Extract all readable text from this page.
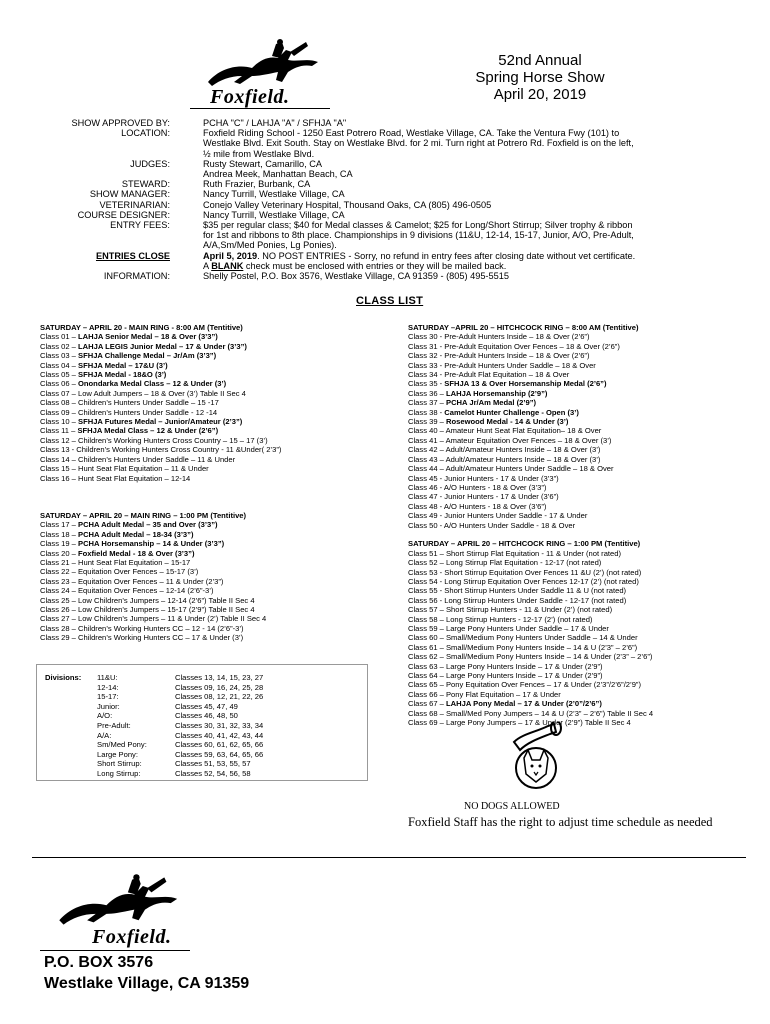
Foxfield.
52nd Annual
Spring Horse Show
April 20, 2019
SHOW APPROVED BY:	PCHA "C" / LAHJA "A" / SFHJA "A"
LOCATION:	Foxfield Riding School - 1250 East Potrero Road, Westlake Village, CA. Take the Ventura Fwy (101) to
Westlake Blvd. Exit South. Stay on Westlake Blvd. for 2 mi. Turn right at Potrero Rd. Foxfield is on the left,
½ mile from Westlake Blvd.
JUDGES:	Rusty Stewart, Camarillo, CA
Andrea Meek, Manhattan Beach, CA
STEWARD:	Ruth Frazier, Burbank, CA
SHOW MANAGER:	Nancy Turrill, Westlake Village, CA
VETERINARIAN:	Conejo Valley Veterinary Hospital, Thousand Oaks, CA (805) 496-0505
COURSE DESIGNER:	Nancy Turrill, Westlake Village, CA
ENTRY FEES:	$35 per regular class; $40 for Medal classes & Camelot; $25 for Long/Short Stirrup; Silver trophy & ribbon
for 1st and ribbons to 8th place. Championships in 9 divisions (11&U, 12-14, 15-17, Junior, A/O, Pre-Adult,
A/A,Sm/Med Ponies, Lg Ponies).
ENTRIES CLOSE	April 5, 2019. NO POST ENTRIES - Sorry, no refund in entry fees after closing date without vet certificate.
A BLANK check must be enclosed with entries or they will be mailed back.
INFORMATION:	Shelly Postel, P.O. Box 3576, Westlake Village, CA 91359 - (805) 495-5515
CLASS LIST
SATURDAY – APRIL 20 - MAIN RING - 8:00 AM (Tentitive)
Class 01 – LAHJA Senior Medal – 18 & Over (3’3”)
Class 02 – LAHJA LEGIS Junior Medal – 17 & Under (3’3”)
Class 03 – SFHJA Challenge Medal – Jr/Am (3’3”)
Class 04 – SFHJA Medal – 17&U (3’)
Class 05 – SFHJA Medal - 18&O (3’)
Class 06 – Onondarka Medal Class – 12 & Under (3’)
Class 07 – Low Adult Jumpers – 18 & Over (3’) Table II Sec 4
Class 08 – Children’s Hunters Under Saddle – 15 -17
Class 09 – Children’s Hunters Under Saddle - 12 -14
Class 10 – SFHJA Futures Medal – Junior/Amateur (2’3”)
Class 11 – SFHJA Medal Class – 12 & Under (2’6”)
Class 12 – Children’s Working Hunters Cross Country – 15 – 17 (3’)
Class 13 - Children’s Working Hunters Cross Country - 11 &Under( 2’3”)
Class 14 – Children’s Hunters Under Saddle – 11 & Under
Class 15 – Hunt Seat Flat Equitation – 11 & Under
Class 16 – Hunt Seat Flat Equitation – 12-14
SATURDAY – APRIL 20 – MAIN RING – 1:00 PM (Tentitive)
Class 17 – PCHA Adult Medal – 35 and Over (3’3”)
Class 18 – PCHA Adult Medal – 18-34 (3’3”)
Class 19 – PCHA Horsemanship – 14 & Under (3’3”)
Class 20 – Foxfield Medal - 18 & Over (3’3”)
Class 21 – Hunt Seat Flat Equitation – 15-17
Class 22 – Equitation Over Fences – 15-17 (3’)
Class 23 – Equitation Over Fences – 11 & Under (2’3”)
Class 24 – Equitation Over Fences – 12-14 (2’6”-3’)
Class 25 – Low Children’s Jumpers – 12-14 (2’6”) Table II Sec 4
Class 26 – Low Children’s Jumpers – 15-17 (2’9”) Table II Sec 4
Class 27 – Low Children’s Jumpers – 11 & Under (2’) Table II Sec 4
Class 28 – Children’s Working Hunters CC – 12 - 14 (2’6”-3’)
Class 29 – Children’s Working Hunters CC – 17 & Under (3’)
SATURDAY –APRIL 20 – HITCHCOCK RING – 8:00 AM (Tentitive)
Class 30 - Pre-Adult Hunters Inside – 18 & Over (2’6”)
Class 31 - Pre-Adult Equitation Over Fences – 18 & Over (2’6”)
Class 32 - Pre-Adult Hunters Inside – 18 & Over (2’6”)
Class 33 - Pre-Adult Hunters Under Saddle – 18 & Over
Class 34 - Pre-Adult Flat Equitation – 18 & Over
Class 35 - SFHJA 13 & Over Horsemanship Medal (2’6”)
Class 36 – LAHJA Horsemanship (2’9”)
Class 37 – PCHA Jr/Am Medal (2’9”)
Class 38 - Camelot Hunter Challenge - Open (3’)
Class 39 – Rosewood Medal - 14 & Under (3’)
Class 40 – Amateur Hunt Seat Flat Equitation– 18 & Over
Class 41 – Amateur Equitation Over Fences – 18 & Over (3’)
Class 42 – Adult/Amateur Hunters Inside – 18 & Over (3’)
Class 43 – Adult/Amateur Hunters Inside – 18 & Over (3’)
Class 44 – Adult/Amateur Hunters Under Saddle – 18 & Over
Class 45 - Junior Hunters - 17 & Under (3’3”)
Class 46 - A/O Hunters - 18 & Over (3’3”)
Class 47 - Junior Hunters - 17 & Under (3’6”)
Class 48 - A/O Hunters - 18 & Over (3’6”)
Class 49 - Junior Hunters Under Saddle - 17 & Under
Class 50 - A/O Hunters Under Saddle - 18 & Over
SATURDAY – APRIL 20 – HITCHCOCK RING – 1:00 PM (Tentitive)
Class 51 – Short Stirrup Flat Equitation - 11 & Under (not rated)
Class 52 – Long Stirrup Flat Equitation - 12-17 (not rated)
Class 53 - Short Stirrup Equitation Over Fences 11 &U (2’) (not rated)
Class 54 - Long Stirrup Equitation Over Fences 12-17 (2’) (not rated)
Class 55 - Short Stirrup Hunters Under Saddle 11 & U (not rated)
Class 56 - Long Stirrup Hunters Under Saddle - 12-17 (not rated)
Class 57 – Short Stirrup Hunters - 11 & Under (2’) (not rated)
Class 58 – Long Stirrup Hunters - 12-17 (2’) (not rated)
Class 59 – Large Pony Hunters Under Saddle – 17 & Under
Class 60 – Small/Medium Pony Hunters Under Saddle – 14 & Under
Class 61 – Small/Medium Pony Hunters Inside – 14 & U (2’3” – 2’6”)
Class 62 – Small/Medium Pony Hunters Inside – 14 & Under (2’3” – 2’6”)
Class 63 – Large Pony Hunters Inside – 17 & Under (2’9”)
Class 64 – Large Pony Hunters Inside – 17 & Under (2’9”)
Class 65 – Pony Equitation Over Fences – 17 & Under (2’3”/2’6”/2’9”)
Class 66 – Pony Flat Equitation – 17 & Under
Class 67 – LAHJA Pony Medal – 17 & Under (2’0”/2’6”)
Class 68 – Small/Med Pony Jumpers – 14 & U (2’3” – 2’6”) Table II Sec 4
Class 69 – Large Pony Jumpers – 17 & Under (2’9”) Table II Sec 4
Divisions: 11&U:	Classes 13, 14, 15, 23, 27
12-14:	Classes 09, 16, 24, 25, 28
15-17:	Classes 08, 12, 21, 22, 26
Junior:	Classes 45, 47, 49
A/O:	Classes 46, 48, 50
Pre-Adult:	Classes 30, 31, 32, 33, 34
A/A:	Classes 40, 41, 42, 43, 44
Sm/Med Pony:	Classes 60, 61, 62, 65, 66
Large Pony:	Classes 59, 63, 64, 65, 66
Short Stirrup:	Classes 51, 53, 55, 57
Long Stirrup:	Classes 52, 54, 56, 58
NO DOGS ALLOWED
Foxfield Staff has the right to adjust time schedule as needed
Foxfield.
P.O. BOX 3576
Westlake Village, CA 91359
